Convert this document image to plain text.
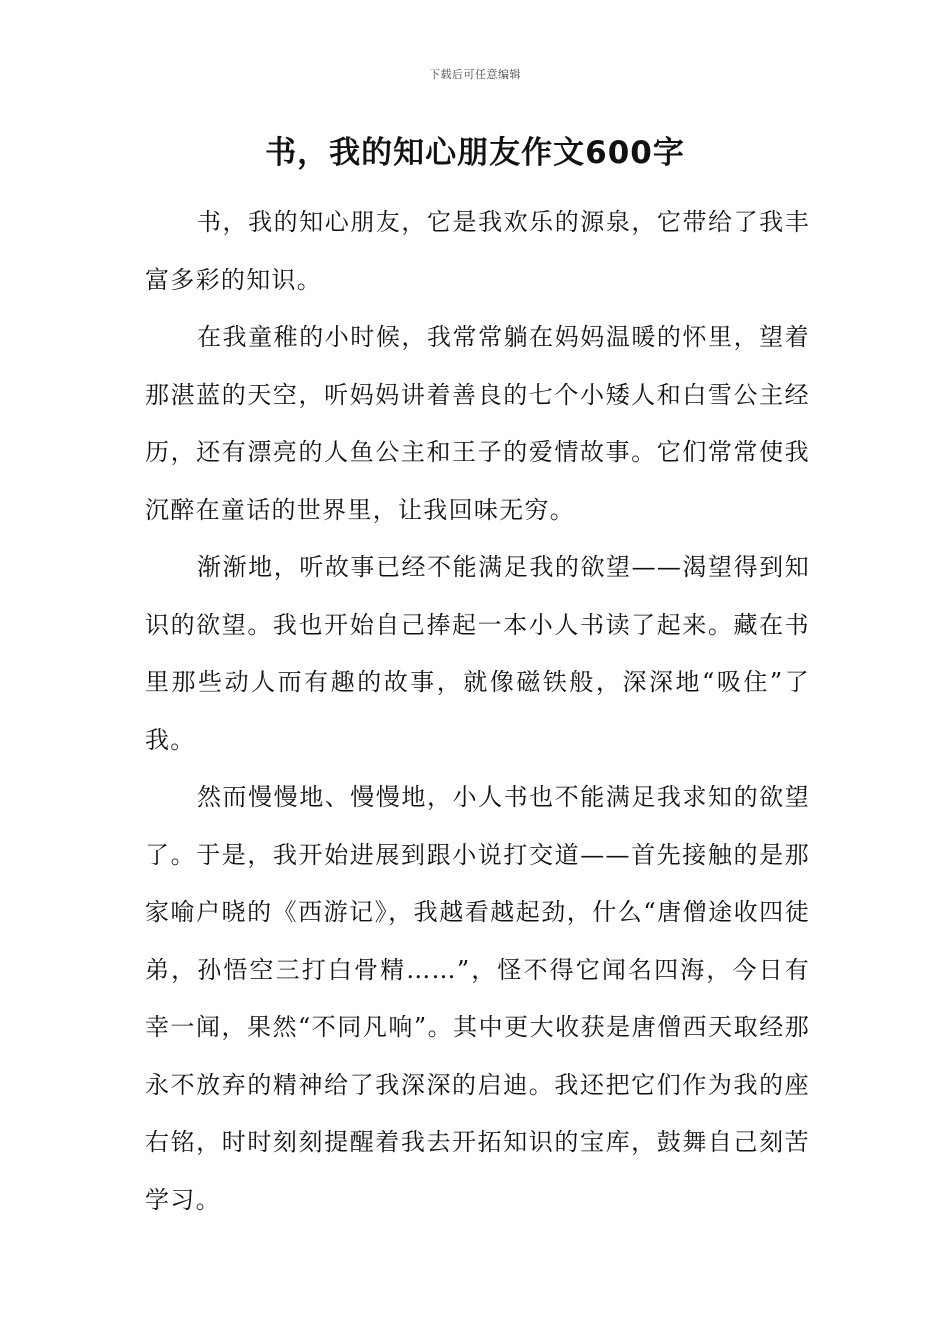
下载后可任意编辑
书，我的知心朋友作文600字

书，我的知心朋友，它是我欢乐的源泉，它带给了我丰富多彩的知识。

在我童稚的小时候，我常常躺在妈妈温暖的怀里，望着那湛蓝的天空，听妈妈讲着善良的七个小矮人和白雪公主经历，还有漂亮的人鱼公主和王子的爱情故事。它们常常使我沉醉在童话的世界里，让我回味无穷。

渐渐地，听故事已经不能满足我的欲望——渴望得到知识的欲望。我也开始自己捧起一本小人书读了起来。藏在书里那些动人而有趣的故事，就像磁铁般，深深地“吸住”了我。

然而慢慢地、慢慢地，小人书也不能满足我求知的欲望了。于是，我开始进展到跟小说打交道——首先接触的是那家喻户晓的《西游记》，我越看越起劲，什么“唐僧途收四徒弟，孙悟空三打白骨精……”，怪不得它闻名四海，今日有幸一闻，果然“不同凡响”。其中更大收获是唐僧西天取经那永不放弃的精神给了我深深的启迪。我还把它们作为我的座右铭，时时刻刻提醒着我去开拓知识的宝库，鼓舞自己刻苦学习。
